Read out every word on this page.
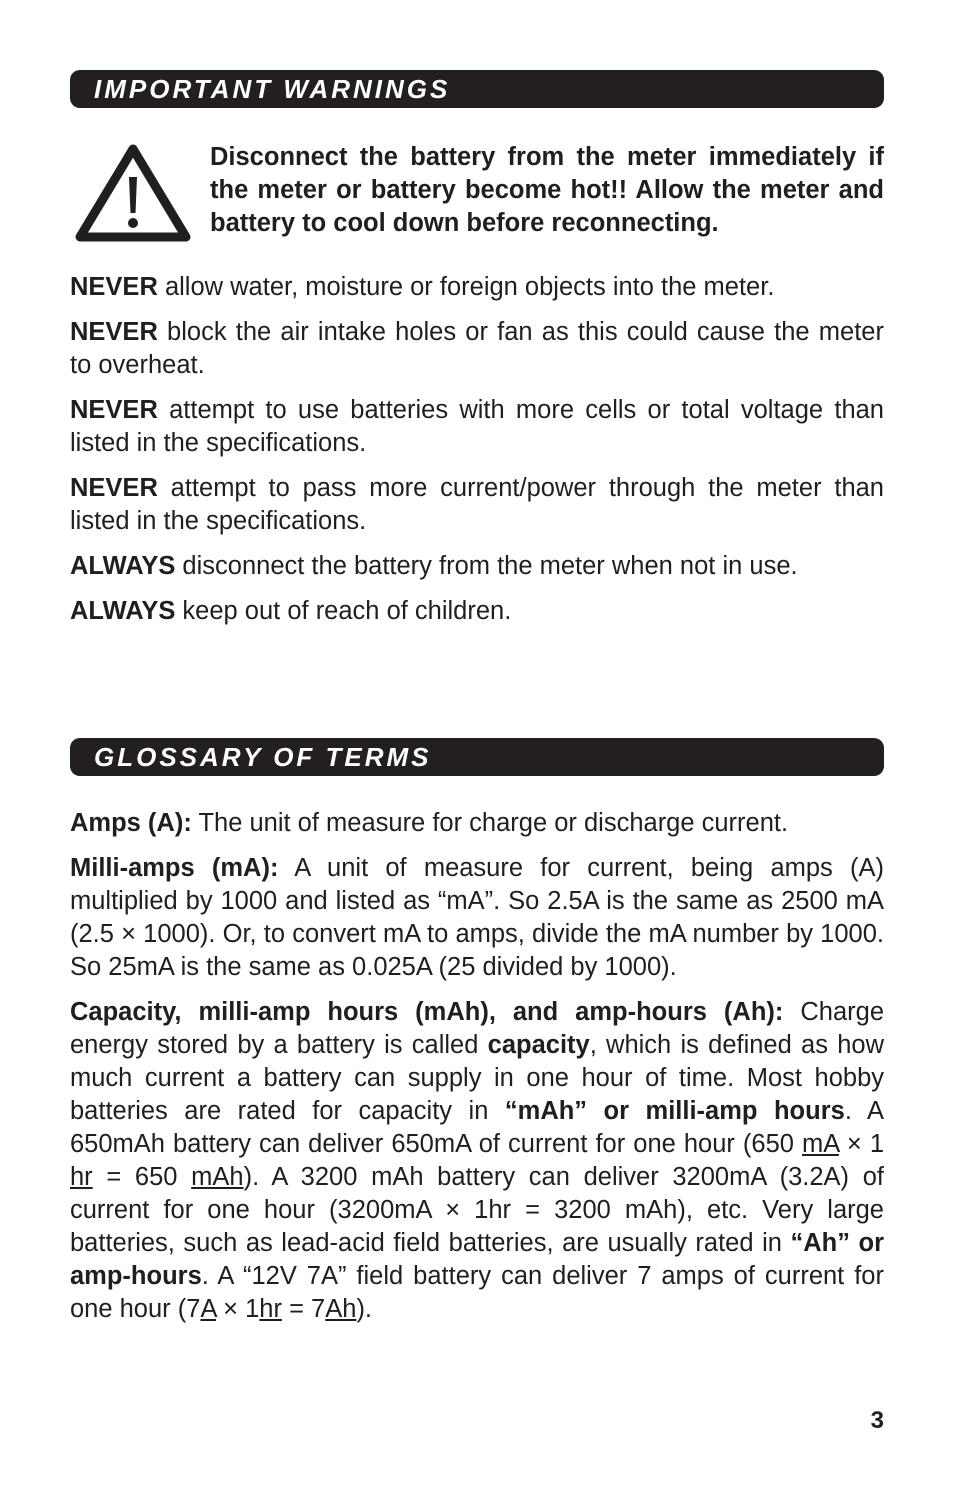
IMPORTANT WARNINGS
Disconnect the battery from the meter immediately if the meter or battery become hot!! Allow the meter and battery to cool down before reconnecting.

NEVER allow water, moisture or foreign objects into the meter.

NEVER block the air intake holes or fan as this could cause the meter to overheat.

NEVER attempt to use batteries with more cells or total voltage than listed in the specifications.

NEVER attempt to pass more current/power through the meter than listed in the specifications.

ALWAYS disconnect the battery from the meter when not in use.

ALWAYS keep out of reach of children.

GLOSSARY OF TERMS

Amps (A): The unit of measure for charge or discharge current.

Milli-amps (mA): A unit of measure for current, being amps (A) multiplied by 1000 and listed as “mA”. So 2.5A is the same as 2500 mA (2.5 × 1000). Or, to convert mA to amps, divide the mA number by 1000. So 25mA is the same as 0.025A (25 divided by 1000).

Capacity, milli-amp hours (mAh), and amp-hours (Ah): Charge energy stored by a battery is called capacity, which is defined as how much current a battery can supply in one hour of time. Most hobby batteries are rated for capacity in “mAh” or milli-amp hours. A 650mAh battery can deliver 650mA of current for one hour (650 mA × 1 hr = 650 mAh). A 3200 mAh battery can deliver 3200mA (3.2A) of current for one hour (3200mA × 1hr = 3200 mAh), etc. Very large batteries, such as lead-acid field batteries, are usually rated in “Ah” or amp-hours. A “12V 7A” field battery can deliver 7 amps of current for one hour (7A × 1hr = 7Ah).

3
